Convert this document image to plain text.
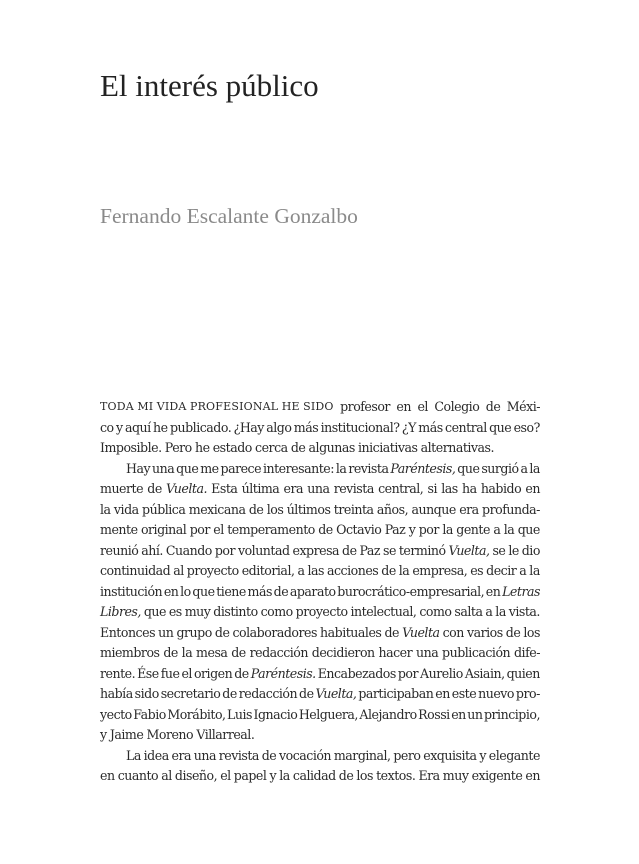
El interés público
Fernando Escalante Gonzalbo
TODA MI VIDA PROFESIONAL HE SIDO profesor en el Colegio de Méxi-
co y aquí he publicado. ¿Hay algo más institucional? ¿Y más central que eso?
Imposible. Pero he estado cerca de algunas iniciativas alternativas.
Hay una que me parece interesante: la revista Paréntesis, que surgió a la
muerte de Vuelta. Esta última era una revista central, si las ha habido en
la vida pública mexicana de los últimos treinta años, aunque era profunda-
mente original por el temperamento de Octavio Paz y por la gente a la que
reunió ahí. Cuando por voluntad expresa de Paz se terminó Vuelta, se le dio
continuidad al proyecto editorial, a las acciones de la empresa, es decir a la
institución en lo que tiene más de aparato burocrático-empresarial, en Letras
Libres, que es muy distinto como proyecto intelectual, como salta a la vista.
Entonces un grupo de colaboradores habituales de Vuelta con varios de los
miembros de la mesa de redacción decidieron hacer una publicación dife-
rente. Ése fue el origen de Paréntesis. Encabezados por Aurelio Asiain, quien
había sido secretario de redacción de Vuelta, participaban en este nuevo pro-
yecto Fabio Morábito, Luis Ignacio Helguera, Alejandro Rossi en un principio,
y Jaime Moreno Villarreal.
La idea era una revista de vocación marginal, pero exquisita y elegante
en cuanto al diseño, el papel y la calidad de los textos. Era muy exigente en
